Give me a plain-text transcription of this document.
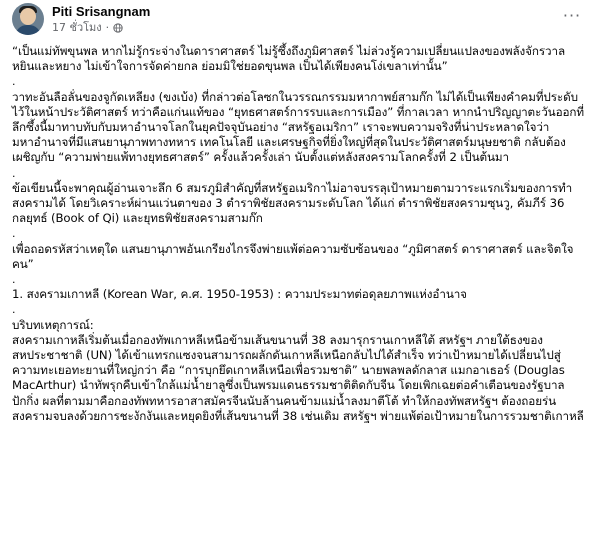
Piti Srisangnam
17 ชั่วโมง ·
···

“เป็นแม่ทัพขุนพล หากไม่รู้กระจ่างในดาราศาสตร์ ไม่รู้ซึ้งถึงภูมิศาสตร์ ไม่ล่วงรู้ความเปลี่ยนแปลงของพลังจักรวาล หยินและหยาง ไม่เข้าใจการจัดค่ายกล ย่อมมิใช่ยอดขุนพล เป็นได้เพียงคนโง่เขลาเท่านั้น”

.

วาทะอันลือลั่นของจูกัดเหลียง (ขงเบ้ง) ที่กล่าวต่อโลซกในวรรณกรรมมหากาพย์สามก๊ก ไม่ได้เป็นเพียงคำคมที่ประดับไว้ในหน้าประวัติศาสตร์ ทว่าคือแก่นแท้ของ “ยุทธศาสตร์การรบและการเมือง” ที่กาลเวลา หากนำปริญญาตะวันออกที่ลึกซึ้งนี้มาทาบทับกับมหาอำนาจโลกในยุคปัจจุบันอย่าง “สหรัฐอเมริกา” เราจะพบความจริงที่น่าประหลาดใจว่า มหาอำนาจที่มีแสนยานุภาพทางทหาร เทคโนโลยี และเศรษฐกิจที่ยิ่งใหญ่ที่สุดในประวัติศาสตร์มนุษยชาติ กลับต้องเผชิญกับ “ความพ่ายแพ้ทางยุทธศาสตร์” ครั้งแล้วครั้งเล่า นับตั้งแต่หลังสงครามโลกครั้งที่ 2 เป็นต้นมา

.

ข้อเขียนนี้จะพาคุณผู้อ่านเจาะลึก 6 สมรภูมิสำคัญที่สหรัฐอเมริกาไม่อาจบรรลุเป้าหมายตามวาระแรกเริ่มของการทำสงครามได้ โดยวิเคราะห์ผ่านแว่นตาของ 3 ตำราพิชัยสงครามระดับโลก ได้แก่ ตำราพิชัยสงครามซุนวู, คัมภีร์ 36 กลยุทธ์ (Book of Qi) และยุทธพิชัยสงครามสามก๊ก

.

เพื่อถอดรหัสว่าเหตุใด แสนยานุภาพอันเกรียงไกรจึงพ่ายแพ้ต่อความซับซ้อนของ “ภูมิศาสตร์ ดาราศาสตร์ และจิตใจคน”

.

1. สงครามเกาหลี (Korean War, ค.ศ. 1950-1953) : ความประมาทต่อดุลยภาพแห่งอำนาจ

.

บริบทเหตุการณ์:

สงครามเกาหลีเริ่มต้นเมื่อกองทัพเกาหลีเหนือข้ามเส้นขนานที่ 38 ลงมารุกรานเกาหลีใต้ สหรัฐฯ ภายใต้ธงของสหประชาชาติ (UN) ได้เข้าแทรกแซงจนสามารถผลักดันเกาหลีเหนือกลับไปได้สำเร็จ ทว่าเป้าหมายได้เปลี่ยนไปสู่ความทะเยอทะยานที่ใหญ่กว่า คือ “การบุกยึดเกาหลีเหนือเพื่อรวมชาติ” นายพลพลดักลาส แมกอาเธอร์ (Douglas MacArthur) นำทัพรุกคืบเข้าใกล้แม่น้ำยาลูซึ่งเป็นพรมแดนธรรมชาติติดกับจีน โดยเพิกเฉยต่อคำเตือนของรัฐบาลปักกิ่ง ผลที่ตามมาคือกองทัพทหารอาสาสมัครจีนนับล้านคนข้ามแม่น้ำลงมาตีโต้ ทำให้กองทัพสหรัฐฯ ต้องถอยร่น สงครามจบลงด้วยการชะงักงันและหยุดยิงที่เส้นขนานที่ 38 เช่นเดิม สหรัฐฯ พ่ายแพ้ต่อเป้าหมายในการรวมชาติเกาหลี
